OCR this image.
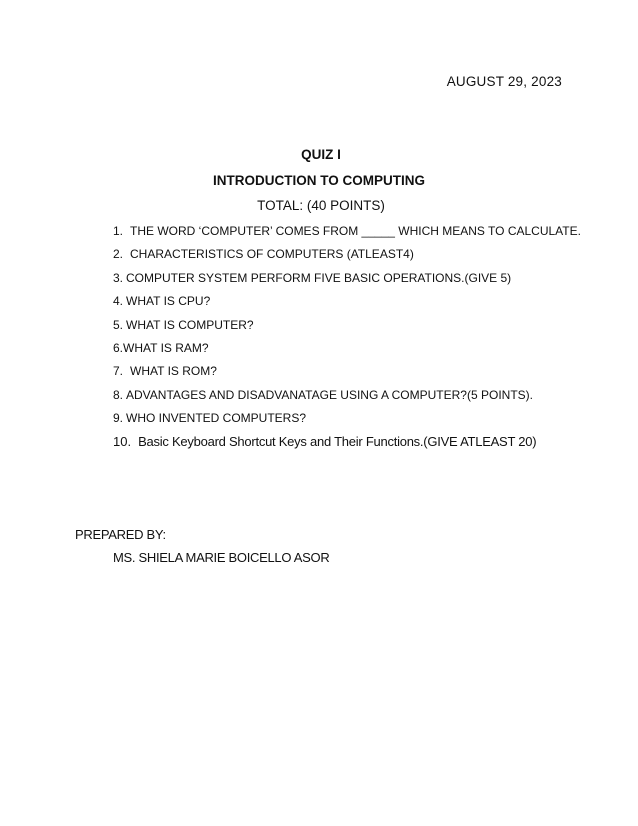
AUGUST 29, 2023
QUIZ I
INTRODUCTION TO COMPUTING
TOTAL: (40 POINTS)
1. THE WORD ‘COMPUTER’ COMES FROM _____ WHICH MEANS TO CALCULATE.
2. CHARACTERISTICS OF COMPUTERS (ATLEAST4)
3. COMPUTER SYSTEM PERFORM FIVE BASIC OPERATIONS.(GIVE 5)
4. WHAT IS CPU?
5. WHAT IS COMPUTER?
6.WHAT IS RAM?
7. WHAT IS ROM?
8. ADVANTAGES AND DISADVANATAGE USING A COMPUTER?(5 POINTS).
9. WHO INVENTED COMPUTERS?
10. Basic Keyboard Shortcut Keys and Their Functions.(GIVE ATLEAST 20)
PREPARED BY:
MS. SHIELA MARIE BOICELLO ASOR
